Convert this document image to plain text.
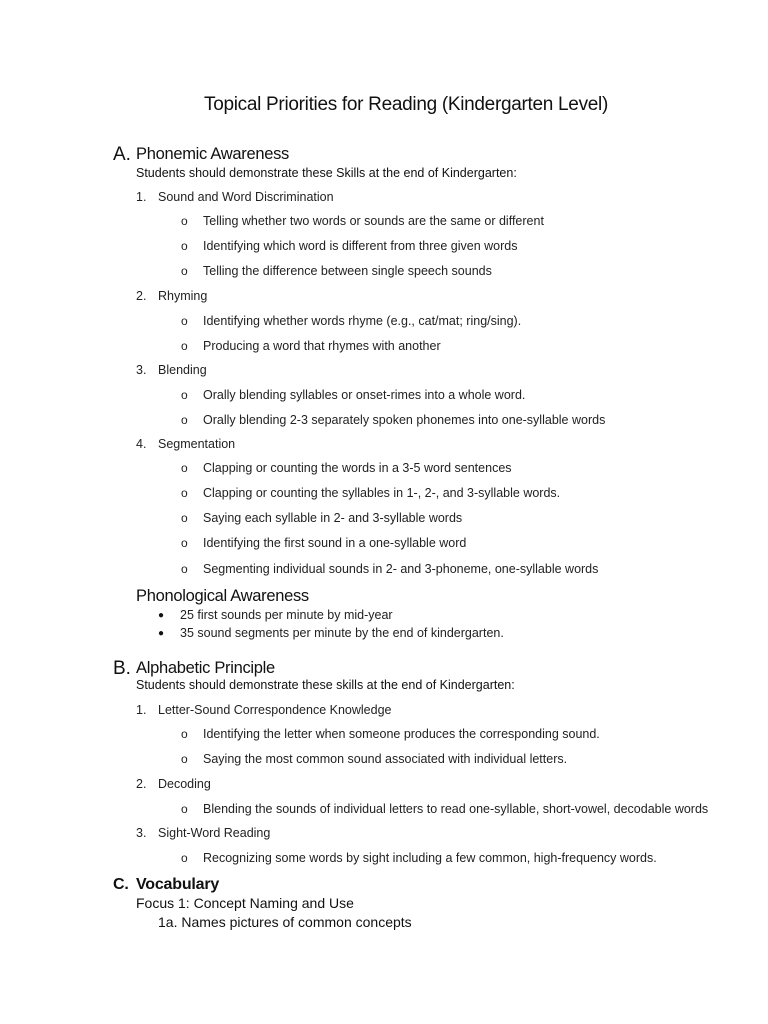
Topical Priorities for Reading (Kindergarten Level)
A. Phonemic Awareness
Students should demonstrate these Skills at the end of Kindergarten:
1. Sound and Word Discrimination
o Telling whether two words or sounds are the same or different
o Identifying which word is different from three given words
o Telling the difference between single speech sounds
2. Rhyming
o Identifying whether words rhyme (e.g., cat/mat; ring/sing).
o Producing a word that rhymes with another
3. Blending
o Orally blending syllables or onset-rimes into a whole word.
o Orally blending 2-3 separately spoken phonemes into one-syllable words
4. Segmentation
o Clapping or counting the words in a 3-5 word sentences
o Clapping or counting the syllables in 1-, 2-, and 3-syllable words.
o Saying each syllable in 2- and 3-syllable words
o Identifying the first sound in a one-syllable word
o Segmenting individual sounds in 2- and 3-phoneme, one-syllable words
Phonological Awareness
● 25 first sounds per minute by mid-year
● 35 sound segments per minute by the end of kindergarten.
B. Alphabetic Principle
Students should demonstrate these skills at the end of Kindergarten:
1. Letter-Sound Correspondence Knowledge
o Identifying the letter when someone produces the corresponding sound.
o Saying the most common sound associated with individual letters.
2. Decoding
o Blending the sounds of individual letters to read one-syllable, short-vowel, decodable words
3. Sight-Word Reading
o Recognizing some words by sight including a few common, high-frequency words.
C. Vocabulary
Focus 1: Concept Naming and Use
1a. Names pictures of common concepts
